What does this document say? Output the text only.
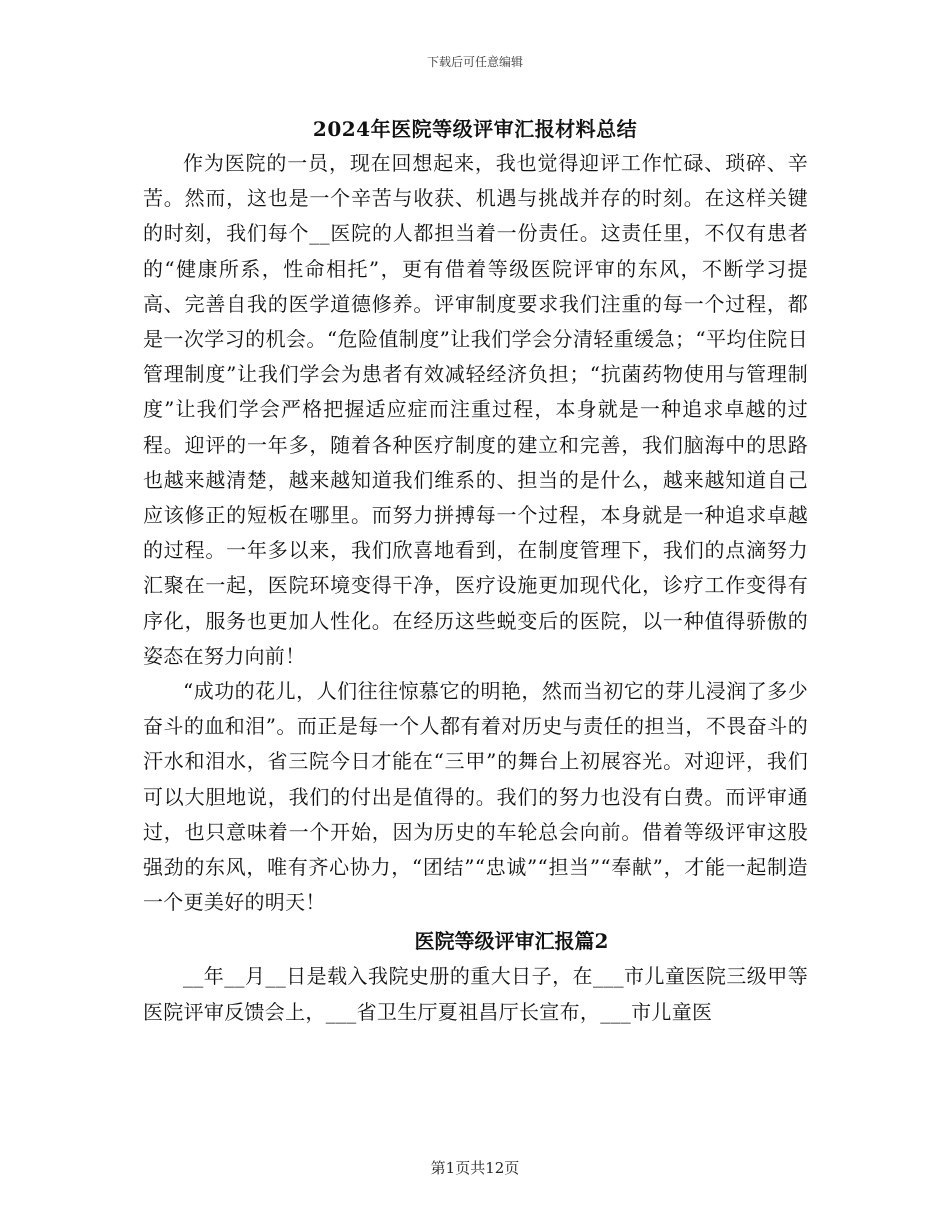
下载后可任意编辑
2024年医院等级评审汇报材料总结

作为医院的一员，现在回想起来，我也觉得迎评工作忙碌、琐碎、辛苦。然而，这也是一个辛苦与收获、机遇与挑战并存的时刻。在这样关键的时刻，我们每个__医院的人都担当着一份责任。这责任里，不仅有患者的“健康所系，性命相托”，更有借着等级医院评审的东风，不断学习提高、完善自我的医学道德修养。评审制度要求我们注重的每一个过程，都是一次学习的机会。“危险值制度”让我们学会分清轻重缓急；“平均住院日管理制度”让我们学会为患者有效减轻经济负担；“抗菌药物使用与管理制度”让我们学会严格把握适应症而注重过程，本身就是一种追求卓越的过程。迎评的一年多，随着各种医疗制度的建立和完善，我们脑海中的思路也越来越清楚，越来越知道我们维系的、担当的是什么，越来越知道自己应该修正的短板在哪里。而努力拼搏每一个过程，本身就是一种追求卓越的过程。一年多以来，我们欣喜地看到，在制度管理下，我们的点滴努力汇聚在一起，医院环境变得干净，医疗设施更加现代化，诊疗工作变得有序化，服务也更加人性化。在经历这些蜕变后的医院，以一种值得骄傲的姿态在努力向前！

“成功的花儿，人们往往惊慕它的明艳，然而当初它的芽儿浸润了多少奋斗的血和泪”。而正是每一个人都有着对历史与责任的担当，不畏奋斗的汗水和泪水，省三院今日才能在“三甲”的舞台上初展容光。对迎评，我们可以大胆地说，我们的付出是值得的。我们的努力也没有白费。而评审通过，也只意味着一个开始，因为历史的车轮总会向前。借着等级评审这股强劲的东风，唯有齐心协力，“团结”“忠诚”“担当”“奉献”，才能一起制造一个更美好的明天！

医院等级评审汇报篇2

__年__月__日是载入我院史册的重大日子，在___市儿童医院三级甲等医院评审反馈会上，___省卫生厅夏祖昌厅长宣布，___市儿童医

第1页共12页
